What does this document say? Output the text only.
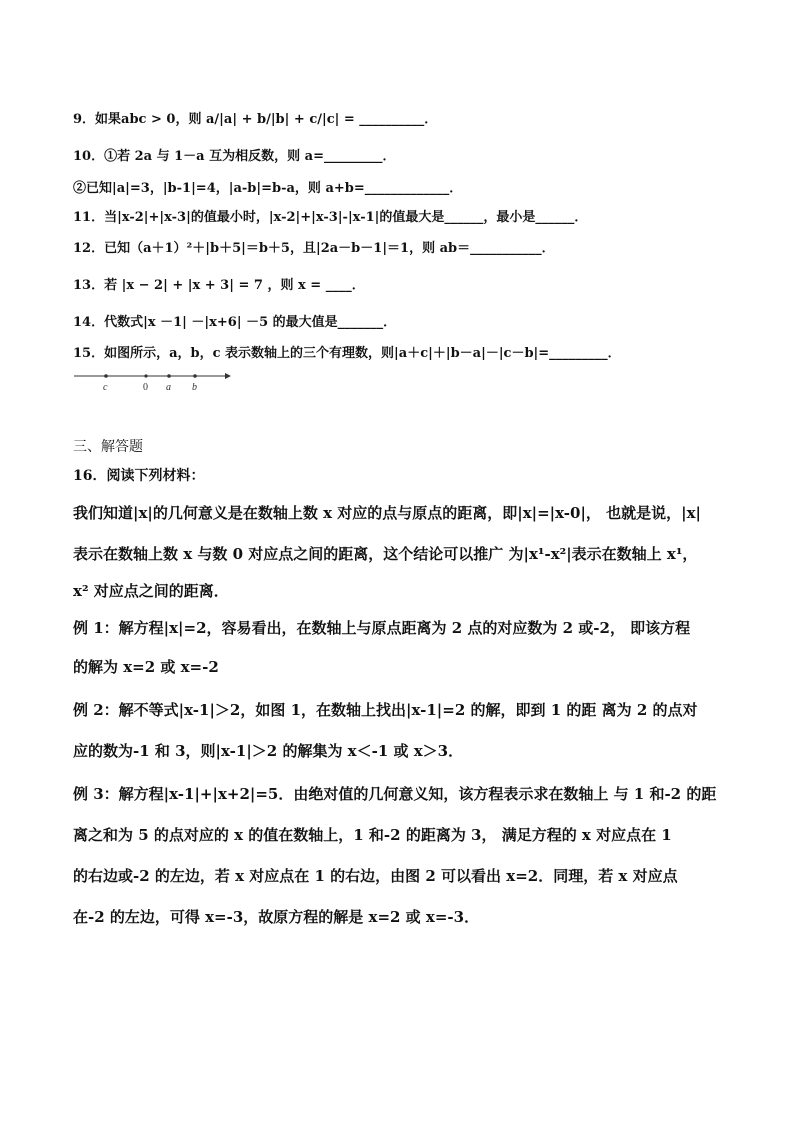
9．如果abc > 0，则 a/|a| + b/|b| + c/|c| = __________．
10．①若 2a 与 1－a 互为相反数，则 a=_________．
②已知|a|=3，|b-1|=4，|a-b|=b-a，则 a+b=_____________．
11．当|x-2|+|x-3|的值最小时，|x-2|+|x-3|-|x-1|的值最大是______，最小是______．
12．已知（a＋1）²＋|b＋5|＝b＋5，且|2a－b－1|＝1，则 ab＝___________．
13．若 |x − 2| + |x + 3| = 7 ，则 x = ____．
14．代数式|x －1| －|x+6| －5 的最大值是_______．
15．如图所示，a，b，c 表示数轴上的三个有理数，则|a＋c|＋|b－a|－|c－b|=_________．
c	0 a b
三、解答题
16．阅读下列材料：
我们知道|x|的几何意义是在数轴上数 x 对应的点与原点的距离，即|x|=|x-0|， 也就是说，|x|
表示在数轴上数 x 与数 0 对应点之间的距离，这个结论可以推广 为|x¹-x²|表示在数轴上 x¹，
x² 对应点之间的距离．
例 1：解方程|x|=2，容易看出，在数轴上与原点距离为 2 点的对应数为 2 或-2， 即该方程
的解为 x=2 或 x=-2
例 2：解不等式|x-1|＞2，如图 1，在数轴上找出|x-1|=2 的解，即到 1 的距 离为 2 的点对
应的数为-1 和 3，则|x-1|＞2 的解集为 x＜-1 或 x＞3．
例 3：解方程|x-1|+|x+2|=5．由绝对值的几何意义知，该方程表示求在数轴上 与 1 和-2 的距
离之和为 5 的点对应的 x 的值在数轴上，1 和-2 的距离为 3， 满足方程的 x 对应点在 1
的右边或-2 的左边，若 x 对应点在 1 的右边，由图 2 可以看出 x=2．同理，若 x 对应点
在-2 的左边，可得 x=-3，故原方程的解是 x=2 或 x=-3．
